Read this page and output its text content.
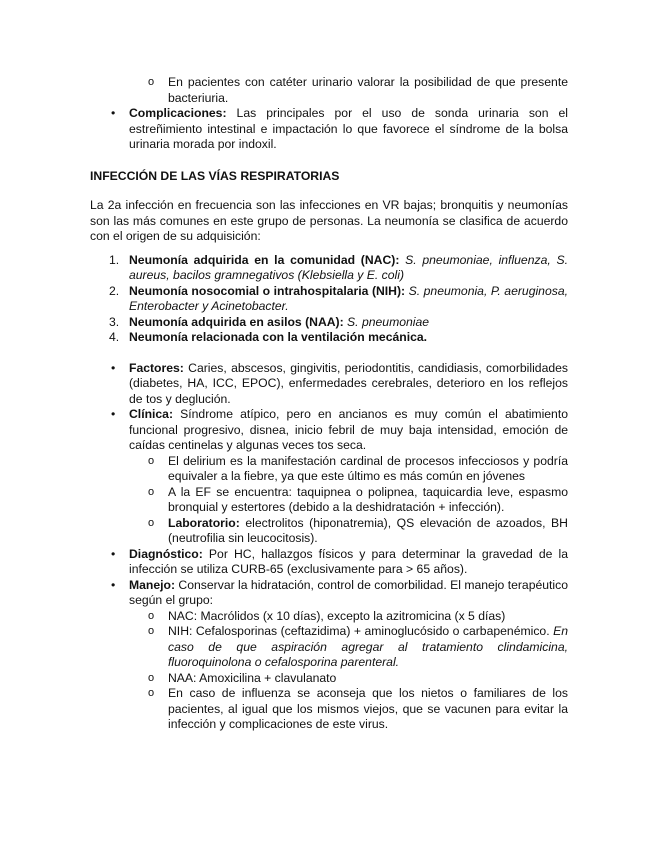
o En pacientes con catéter urinario valorar la posibilidad de que presente bacteriuria.
• Complicaciones: Las principales por el uso de sonda urinaria son el estreñimiento intestinal e impactación lo que favorece el síndrome de la bolsa urinaria morada por indoxil.
INFECCIÓN DE LAS VÍAS RESPIRATORIAS
La 2a infección en frecuencia son las infecciones en VR bajas; bronquitis y neumonías son las más comunes en este grupo de personas. La neumonía se clasifica de acuerdo con el origen de su adquisición:
1. Neumonía adquirida en la comunidad (NAC): S. pneumoniae, influenza, S. aureus, bacilos gramnegativos (Klebsiella y E. coli)
2. Neumonía nosocomial o intrahospitalaria (NIH): S. pneumonia, P. aeruginosa, Enterobacter y Acinetobacter.
3. Neumonía adquirida en asilos (NAA): S. pneumoniae
4. Neumonía relacionada con la ventilación mecánica.
• Factores: Caries, abscesos, gingivitis, periodontitis, candidiasis, comorbilidades (diabetes, HA, ICC, EPOC), enfermedades cerebrales, deterioro en los reflejos de tos y deglución.
• Clínica: Síndrome atípico, pero en ancianos es muy común el abatimiento funcional progresivo, disnea, inicio febril de muy baja intensidad, emoción de caídas centinelas y algunas veces tos seca.
o El delirium es la manifestación cardinal de procesos infecciosos y podría equivaler a la fiebre, ya que este último es más común en jóvenes
o A la EF se encuentra: taquipnea o polipnea, taquicardia leve, espasmo bronquial y estertores (debido a la deshidratación + infección).
o Laboratorio: electrolitos (hiponatremia), QS elevación de azoados, BH (neutrofilia sin leucocitosis).
• Diagnóstico: Por HC, hallazgos físicos y para determinar la gravedad de la infección se utiliza CURB-65 (exclusivamente para > 65 años).
• Manejo: Conservar la hidratación, control de comorbilidad. El manejo terapéutico según el grupo:
o NAC: Macrólidos (x 10 días), excepto la azitromicina (x 5 días)
o NIH: Cefalosporinas (ceftazidima) + aminoglucósido o carbapenémico. En caso de que aspiración agregar al tratamiento clindamicina, fluoroquinolona o cefalosporina parenteral.
o NAA: Amoxicilina + clavulanato
o En caso de influenza se aconseja que los nietos o familiares de los pacientes, al igual que los mismos viejos, que se vacunen para evitar la infección y complicaciones de este virus.
